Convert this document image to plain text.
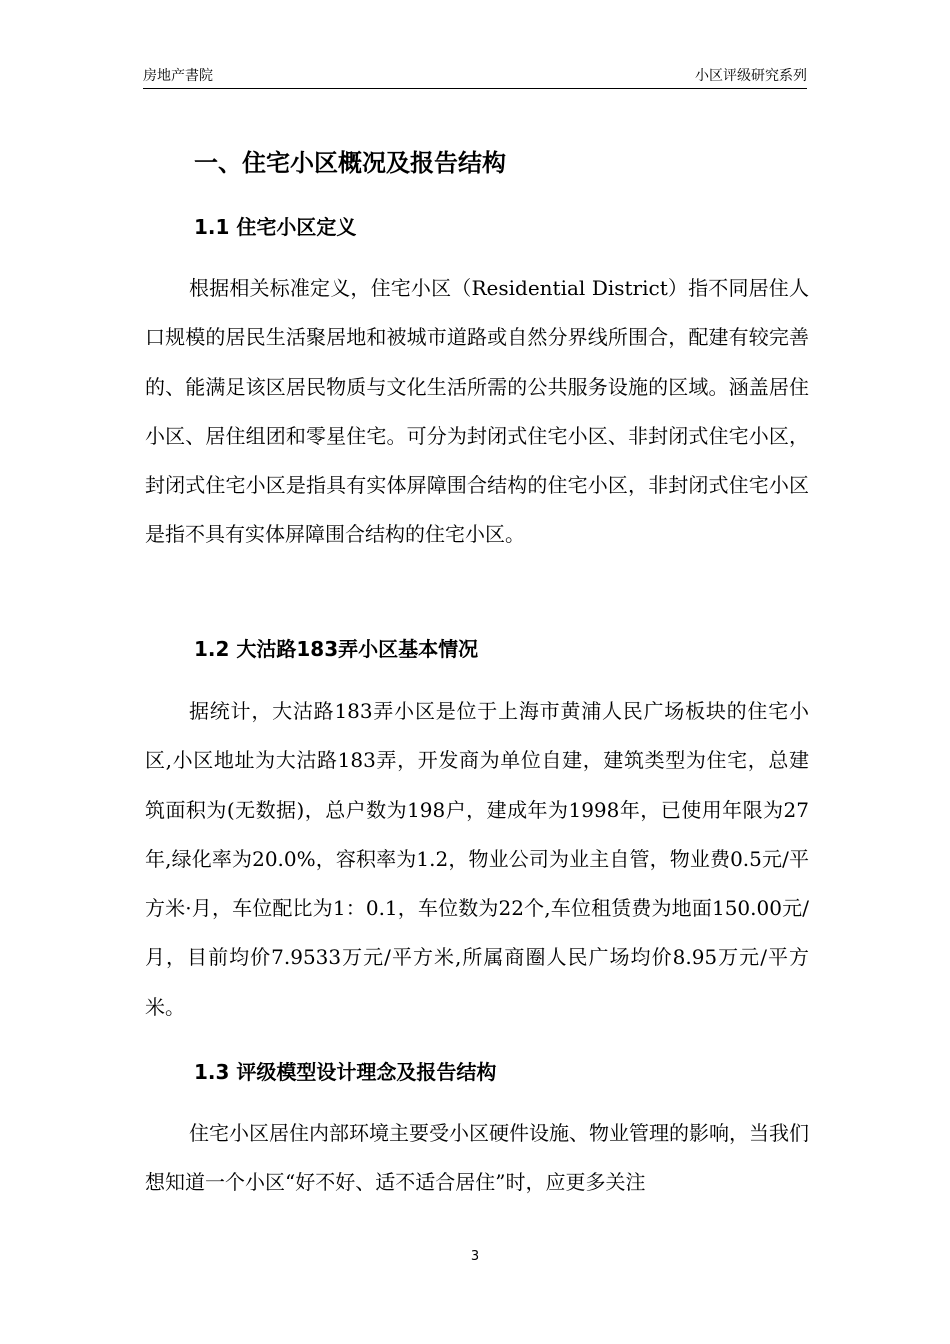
房地产書院	小区评级研究系列
一、住宅小区概况及报告结构
1.1 住宅小区定义

根据相关标准定义，住宅小区（Residential District）指不同居住人口规模的居民生活聚居地和被城市道路或自然分界线所围合，配建有较完善的、能满足该区居民物质与文化生活所需的公共服务设施的区域。涵盖居住小区、居住组团和零星住宅。可分为封闭式住宅小区、非封闭式住宅小区，封闭式住宅小区是指具有实体屏障围合结构的住宅小区，非封闭式住宅小区是指不具有实体屏障围合结构的住宅小区。

1.2 大沽路183弄小区基本情况

据统计，大沽路183弄小区是位于上海市黄浦人民广场板块的住宅小区,小区地址为大沽路183弄，开发商为单位自建，建筑类型为住宅，总建筑面积为(无数据)，总户数为198户，建成年为1998年，已使用年限为27年,绿化率为20.0%，容积率为1.2，物业公司为业主自管，物业费0.5元/平方米·月，车位配比为1：0.1，车位数为22个,车位租赁费为地面150.00元/月，目前均价7.9533万元/平方米,所属商圈人民广场均价8.95万元/平方米。

1.3 评级模型设计理念及报告结构

住宅小区居住内部环境主要受小区硬件设施、物业管理的影响，当我们想知道一个小区“好不好、适不适合居住”时，应更多关注

3
